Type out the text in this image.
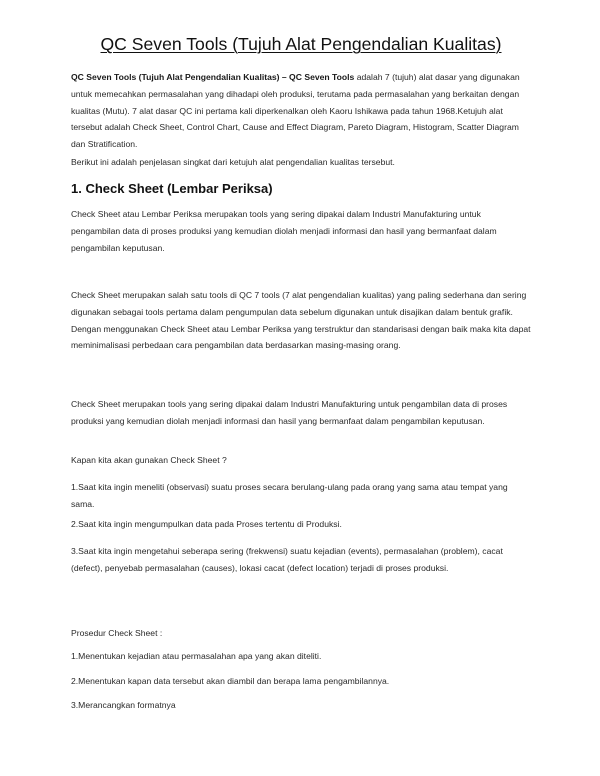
QC Seven Tools (Tujuh Alat Pengendalian Kualitas)
QC Seven Tools (Tujuh Alat Pengendalian Kualitas) – QC Seven Tools adalah 7 (tujuh) alat dasar yang digunakan untuk memecahkan permasalahan yang dihadapi oleh produksi, terutama pada permasalahan yang berkaitan dengan kualitas (Mutu). 7 alat dasar QC ini pertama kali diperkenalkan oleh Kaoru Ishikawa pada tahun 1968.Ketujuh alat tersebut adalah Check Sheet, Control Chart, Cause and Effect Diagram, Pareto Diagram, Histogram, Scatter Diagram dan Stratification.
Berikut ini adalah penjelasan singkat dari ketujuh alat pengendalian kualitas tersebut.
1. Check Sheet (Lembar Periksa)
Check Sheet atau Lembar Periksa merupakan tools yang sering dipakai dalam Industri Manufakturing untuk pengambilan data di proses produksi yang kemudian diolah menjadi informasi dan hasil yang bermanfaat dalam pengambilan keputusan.
Check Sheet merupakan salah satu tools di QC 7 tools (7 alat pengendalian kualitas) yang paling sederhana dan sering digunakan sebagai tools pertama dalam pengumpulan data sebelum digunakan untuk disajikan dalam bentuk grafik. Dengan menggunakan Check Sheet atau Lembar Periksa yang terstruktur dan standarisasi dengan baik maka kita dapat meminimalisasi perbedaan cara pengambilan data berdasarkan masing-masing orang.
Check Sheet merupakan tools yang sering dipakai dalam Industri Manufakturing untuk pengambilan data di proses produksi yang kemudian diolah menjadi informasi dan hasil yang bermanfaat dalam pengambilan keputusan.
Kapan kita akan gunakan Check Sheet ?
1.Saat kita ingin meneliti (observasi) suatu proses secara berulang-ulang pada orang yang sama atau tempat yang sama.
2.Saat kita ingin mengumpulkan data pada Proses tertentu di Produksi.
3.Saat kita ingin mengetahui seberapa sering (frekwensi) suatu kejadian (events), permasalahan (problem), cacat (defect), penyebab permasalahan (causes), lokasi cacat (defect location) terjadi di proses produksi.
Prosedur Check Sheet :
1.Menentukan kejadian atau permasalahan apa yang akan diteliti.
2.Menentukan kapan data tersebut akan diambil dan berapa lama pengambilannya.
3.Merancangkan formatnya
